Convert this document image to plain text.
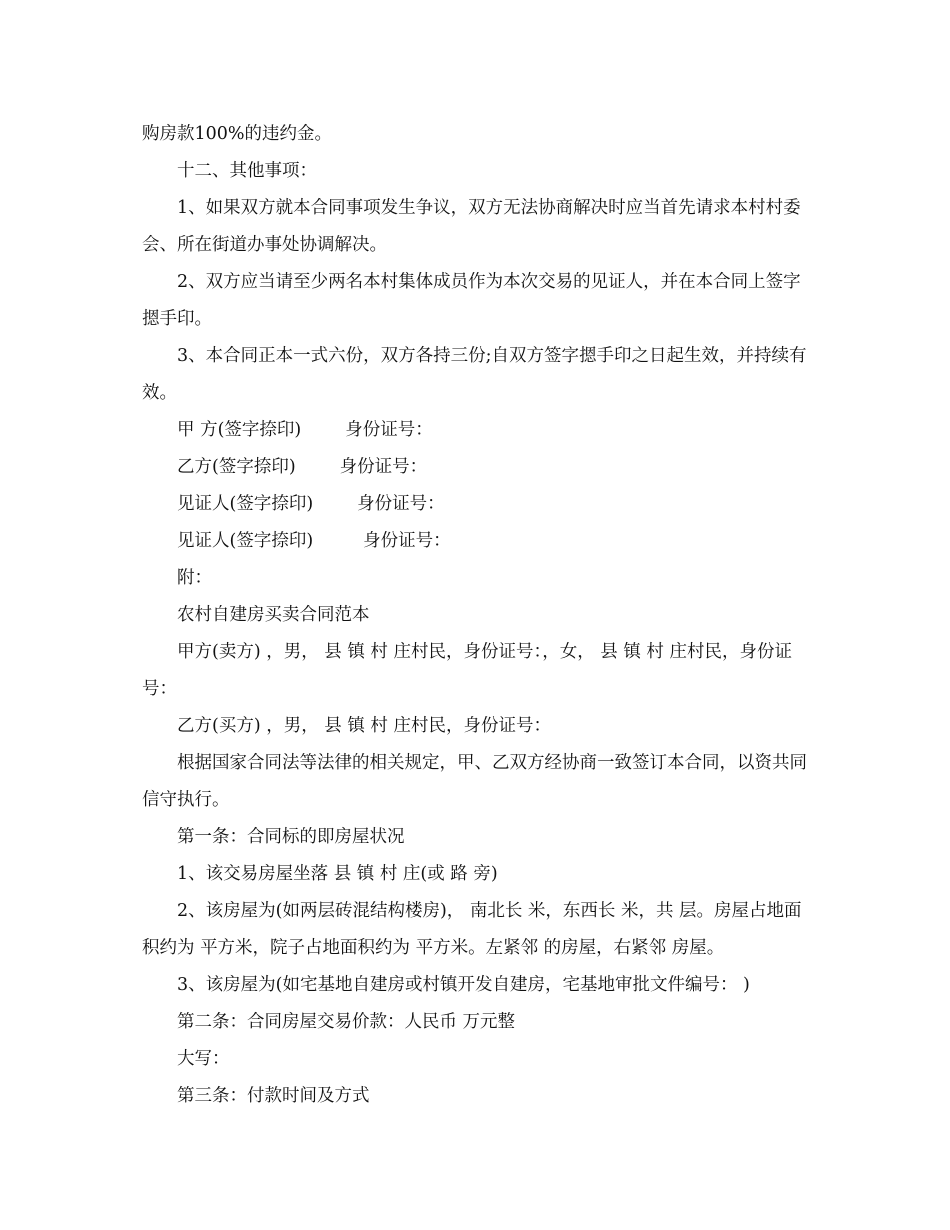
购房款100%的违约金。

十二、其他事项：

1、如果双方就本合同事项发生争议，双方无法协商解决时应当首先请求本村村委会、所在街道办事处协调解决。

2、双方应当请至少两名本村集体成员作为本次交易的见证人，并在本合同上签字摁手印。

3、本合同正本一式六份，双方各持三份;自双方签字摁手印之日起生效，并持续有效。

甲 方(签字捺印)	身份证号：
乙方(签字捺印)	身份证号：
见证人(签字捺印)	身份证号：
见证人(签字捺印)	身份证号：

附：

农村自建房买卖合同范本

甲方(卖方) ，男， 县 镇 村 庄村民，身份证号：，女， 县 镇 村 庄村民，身份证号：

乙方(买方) ，男， 县 镇 村 庄村民，身份证号：

根据国家合同法等法律的相关规定，甲、乙双方经协商一致签订本合同，以资共同信守执行。

第一条：合同标的即房屋状况

1、该交易房屋坐落 县 镇 村 庄(或 路 旁)

2、该房屋为(如两层砖混结构楼房)， 南北长 米，东西长 米，共 层。房屋占地面积约为 平方米，院子占地面积约为 平方米。左紧邻 的房屋，右紧邻 房屋。

3、该房屋为(如宅基地自建房或村镇开发自建房，宅基地审批文件编号： )

第二条：合同房屋交易价款：人民币 万元整

大写：

第三条：付款时间及方式
